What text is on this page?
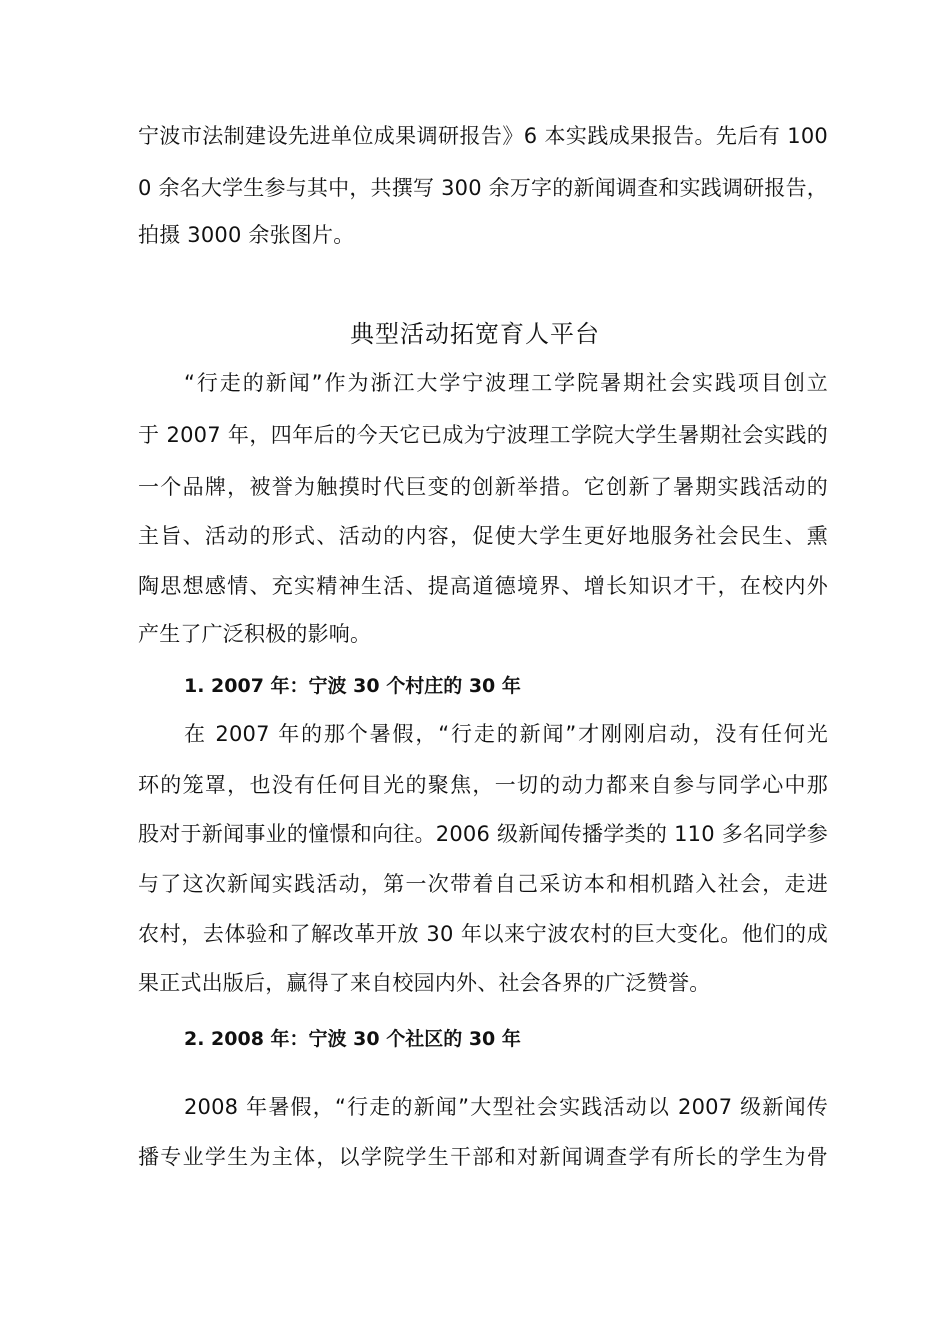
宁波市法制建设先进单位成果调研报告》6 本实践成果报告。先后有 100
0 余名大学生参与其中，共撰写 300 余万字的新闻调查和实践调研报告，
拍摄 3000 余张图片。
典型活动拓宽育人平台
“行走的新闻”作为浙江大学宁波理工学院暑期社会实践项目创立
于 2007 年，四年后的今天它已成为宁波理工学院大学生暑期社会实践的
一个品牌，被誉为触摸时代巨变的创新举措。它创新了暑期实践活动的
主旨、活动的形式、活动的内容，促使大学生更好地服务社会民生、熏
陶思想感情、充实精神生活、提高道德境界、增长知识才干，在校内外
产生了广泛积极的影响。
1. 2007 年：宁波 30 个村庄的 30 年
在 2007 年的那个暑假，“行走的新闻”才刚刚启动，没有任何光
环的笼罩，也没有任何目光的聚焦，一切的动力都来自参与同学心中那
股对于新闻事业的憧憬和向往。2006 级新闻传播学类的 110 多名同学参
与了这次新闻实践活动，第一次带着自己采访本和相机踏入社会，走进
农村，去体验和了解改革开放 30 年以来宁波农村的巨大变化。他们的成
果正式出版后，赢得了来自校园内外、社会各界的广泛赞誉。
2. 2008 年：宁波 30 个社区的 30 年
2008 年暑假，“行走的新闻”大型社会实践活动以 2007 级新闻传
播专业学生为主体，以学院学生干部和对新闻调查学有所长的学生为骨
